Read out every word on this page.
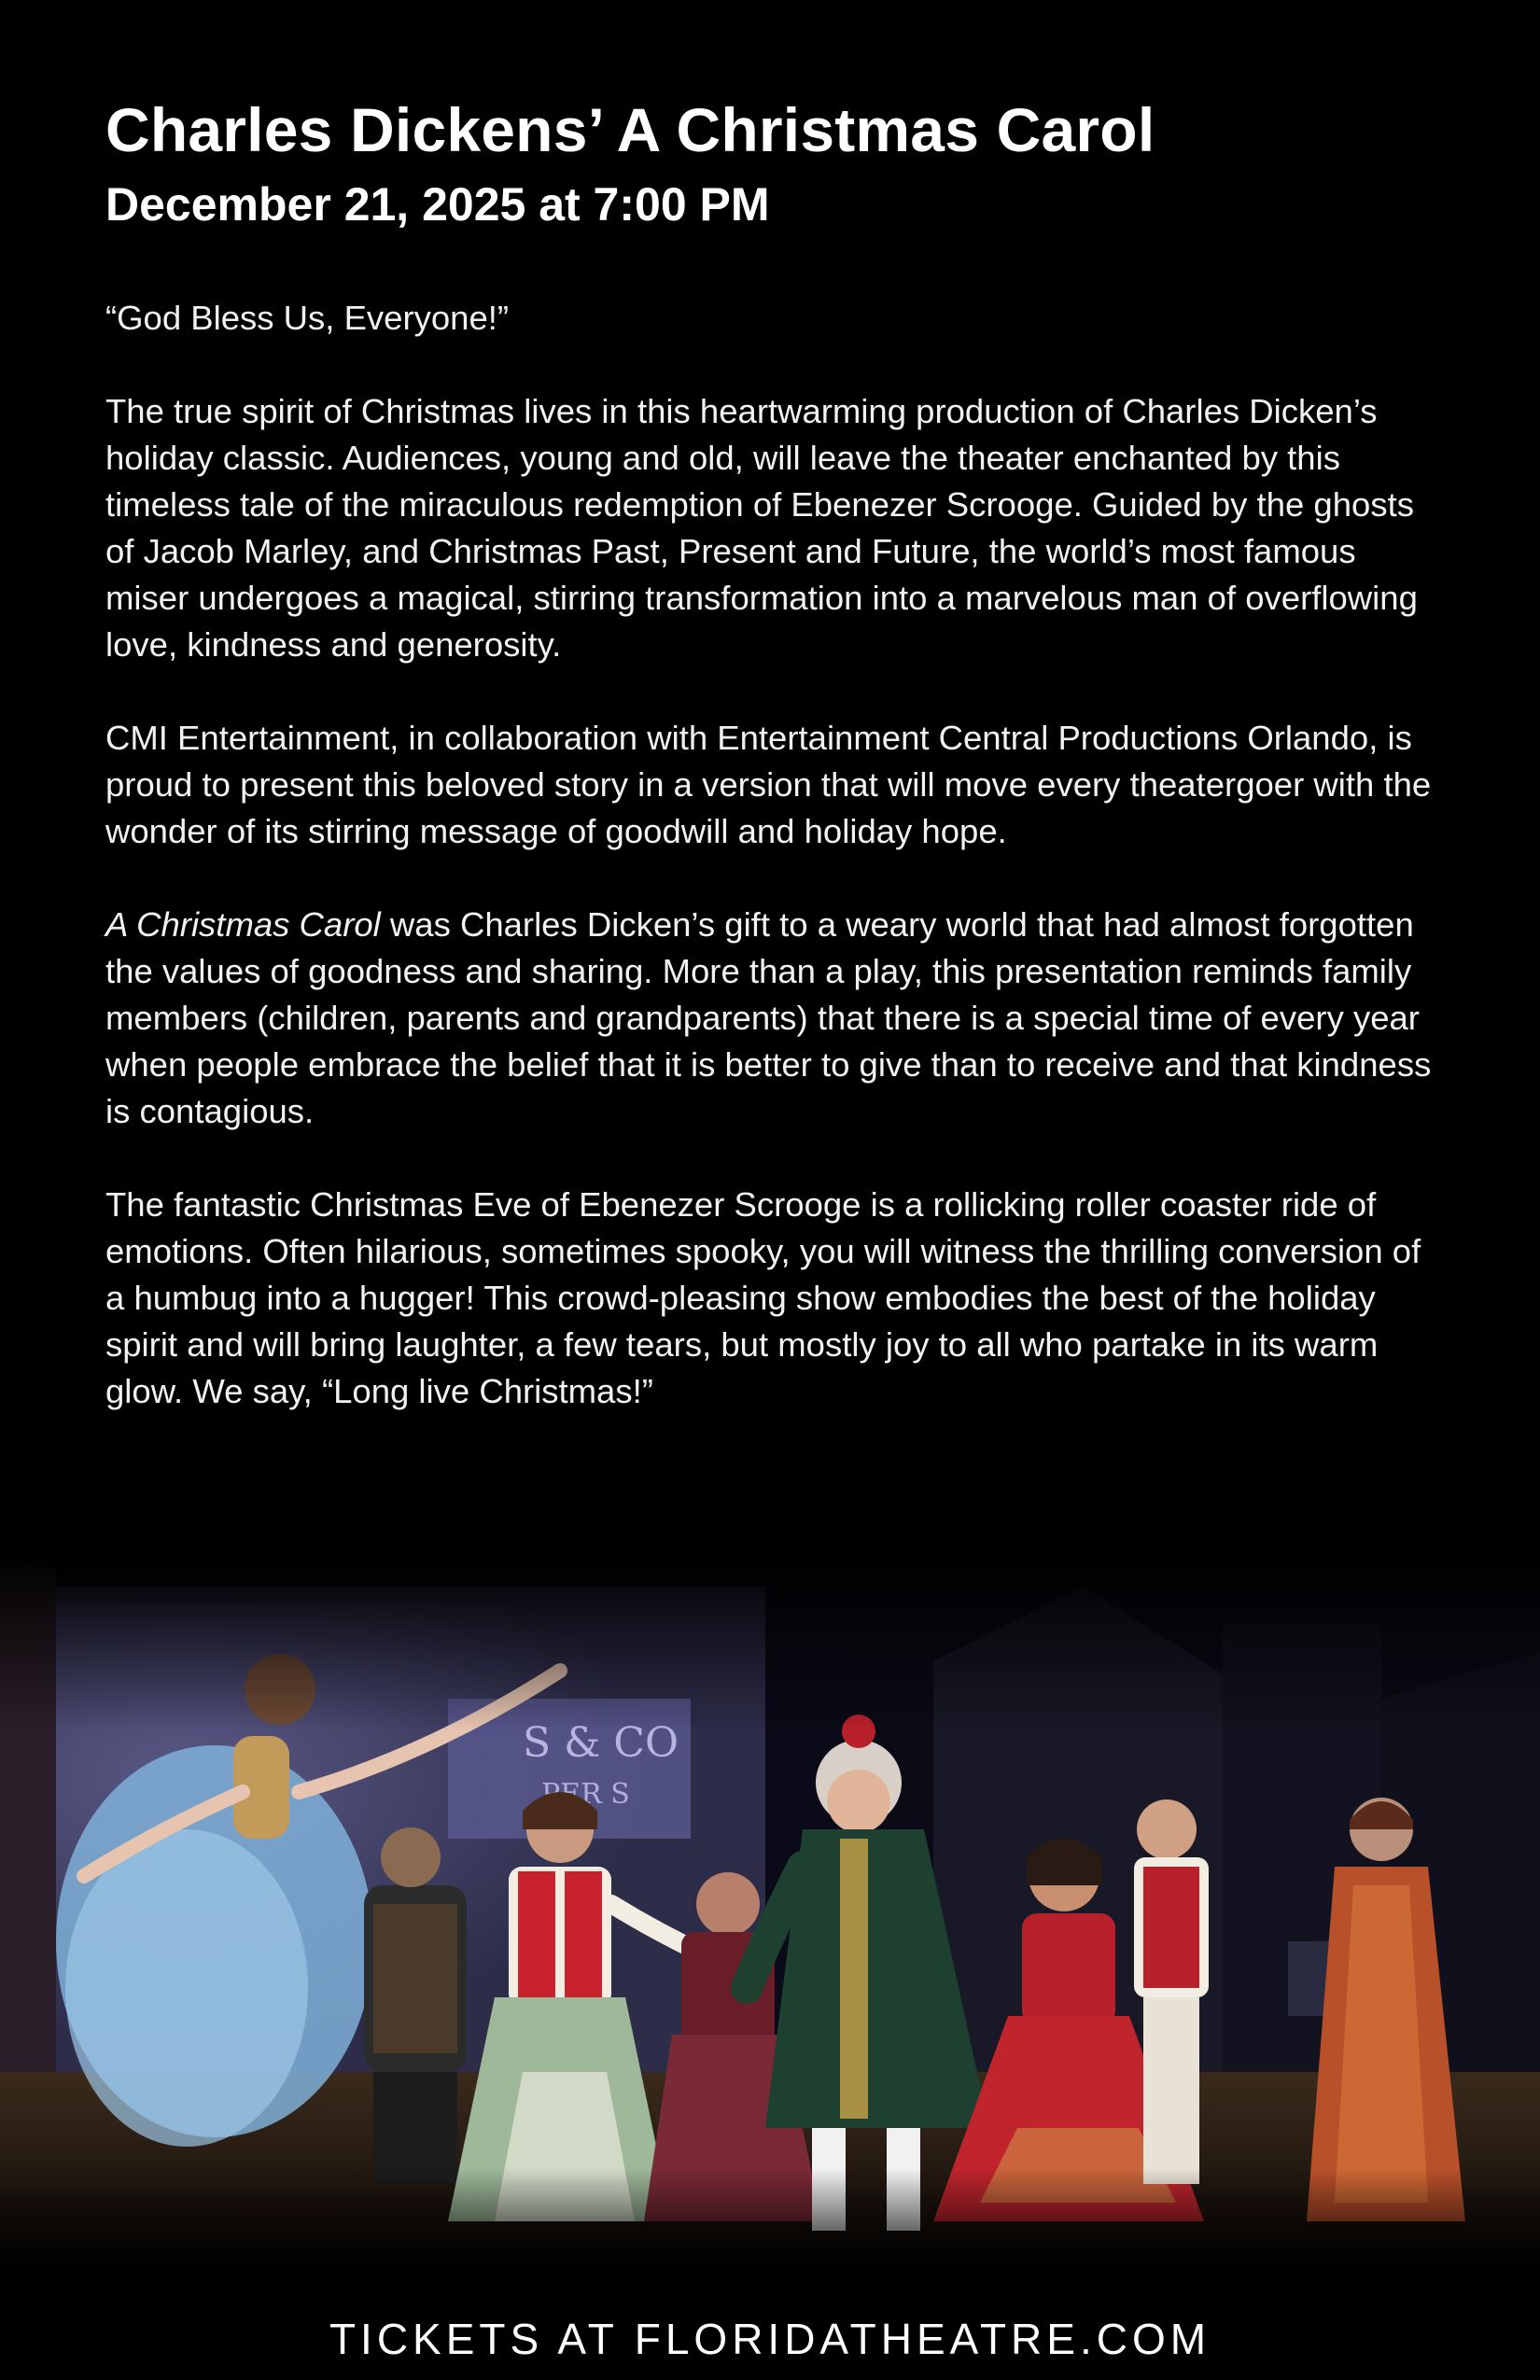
Charles Dickens’ A Christmas Carol
December 21, 2025 at 7:00 PM

“God Bless Us, Everyone!”

The true spirit of Christmas lives in this heartwarming production of Charles Dicken’s holiday classic. Audiences, young and old, will leave the theater enchanted by this timeless tale of the miraculous redemption of Ebenezer Scrooge. Guided by the ghosts of Jacob Marley, and Christmas Past, Present and Future, the world’s most famous miser undergoes a magical, stirring transformation into a marvelous man of overflowing love, kindness and generosity.

CMI Entertainment, in collaboration with Entertainment Central Productions Orlando, is proud to present this beloved story in a version that will move every theatergoer with the wonder of its stirring message of goodwill and holiday hope.

A Christmas Carol was Charles Dicken’s gift to a weary world that had almost forgotten the values of goodness and sharing. More than a play, this presentation reminds family members (children, parents and grandparents) that there is a special time of every year when people embrace the belief that it is better to give than to receive and that kindness is contagious.

The fantastic Christmas Eve of Ebenezer Scrooge is a rollicking roller coaster ride of emotions. Often hilarious, sometimes spooky, you will witness the thrilling conversion of a humbug into a hugger! This crowd-pleasing show embodies the best of the holiday spirit and will bring laughter, a few tears, but mostly joy to all who partake in its warm glow. We say, “Long live Christmas!”

TICKETS AT FLORIDATHEATRE.COM
